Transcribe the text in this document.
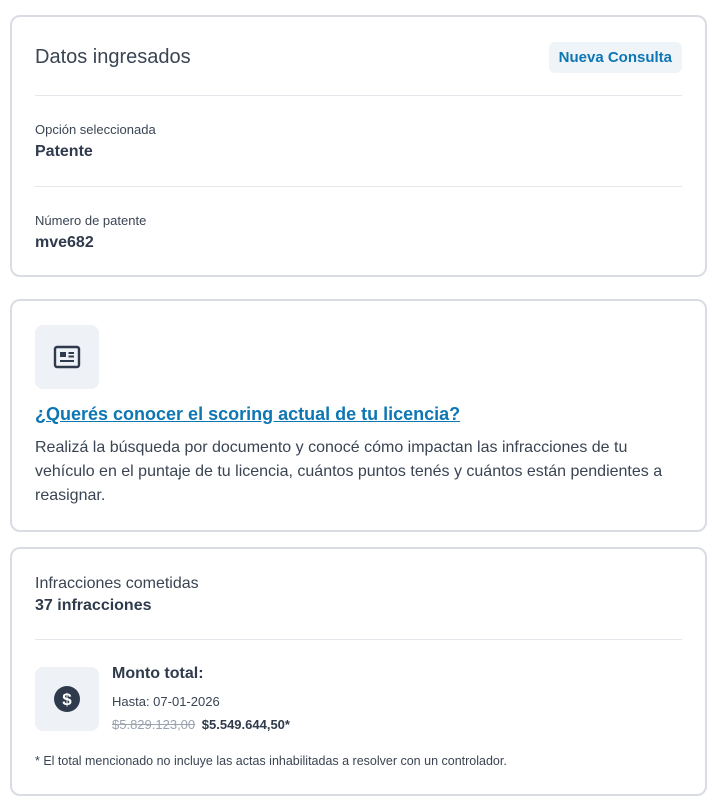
Datos ingresados	Nueva Consulta
Opción seleccionada
Patente
Número de patente
mve682
¿Querés conocer el scoring actual de tu licencia?

Realizá la búsqueda por documento y conocé cómo impactan las infracciones de tu vehículo en el puntaje de tu licencia, cuántos puntos tenés y cuántos están pendientes a reasignar.

Infracciones cometidas
37 infracciones
$
Monto total:
Hasta: 07-01-2026
$5.829.123,00 $5.549.644,50*
* El total mencionado no incluye las actas inhabilitadas a resolver con un controlador.
